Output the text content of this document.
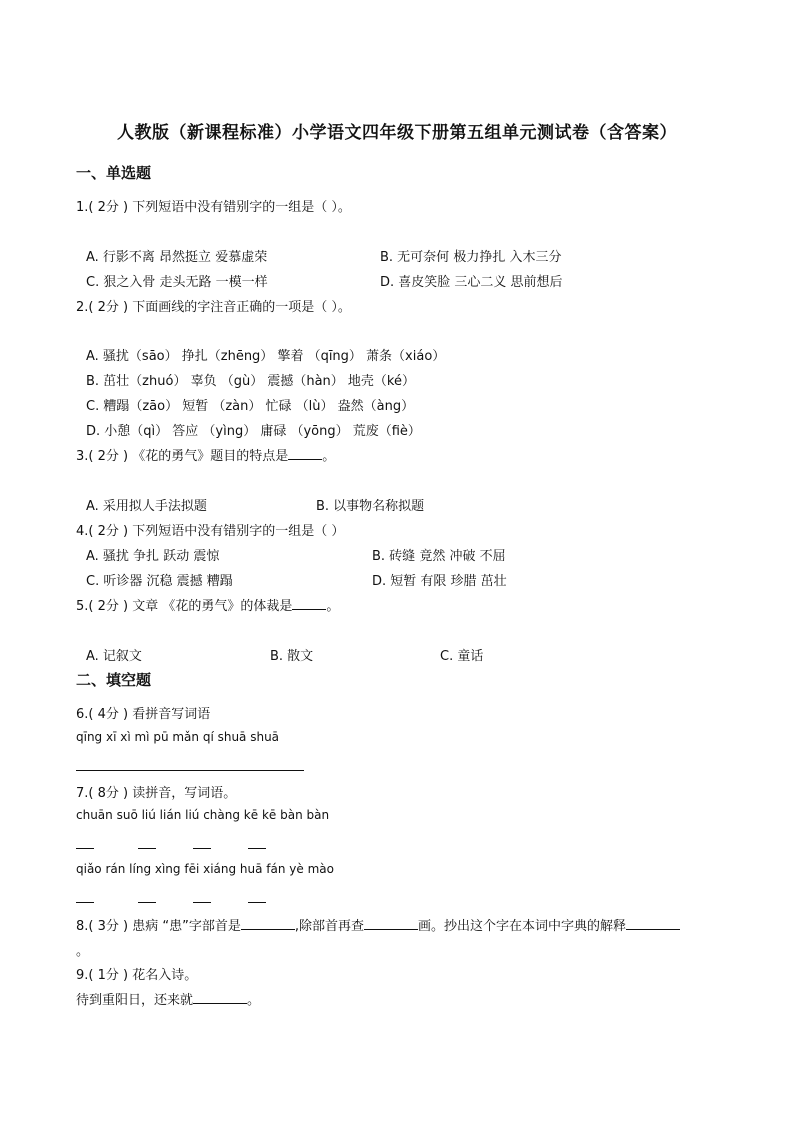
人教版（新课程标准）小学语文四年级下册第五组单元测试卷（含答案）
一、单选题
1.( 2分 ) 下列短语中没有错别字的一组是（ ）。
A. 行影不离 昂然挺立 爱慕虚荣	B. 无可奈何 极力挣扎 入木三分
C. 狠之入骨 走头无路 一模一样	D. 喜皮笑脸 三心二义 思前想后
2.( 2分 ) 下面画线的字注音正确的一项是（ ）。
A. 骚扰（sāo） 挣扎（zhēng） 擎着 （qīng） 萧条（xiáo）
B. 茁壮（zhuó） 辜负 （gù） 震撼（hàn） 地壳（ké）
C. 糟蹋（zāo） 短暂 （zàn） 忙碌 （lù） 盎然（àng）
D. 小憩（qì） 答应 （yìng） 庸碌 （yōng） 荒废（fiè）
3.( 2分 ) 《花的勇气》题目的特点是	。
A. 采用拟人手法拟题	B. 以事物名称拟题
4.( 2分 ) 下列短语中没有错别字的一组是（ ）
A. 骚扰 争扎 跃动 震惊	B. 砖缝 竟然 冲破 不屈
C. 听诊器 沉稳 震撼 糟蹋	D. 短暂 有限 珍腊 茁壮
5.( 2分 ) 文章 《花的勇气》的体裁是	。
A. 记叙文	B. 散文	C. 童话
二、填空题
6.( 4分 ) 看拼音写词语
qīng xī xì mì pū mǎn qí shuā shuā
7.( 8分 ) 读拼音，写词语。
chuān suō liú lián liú chàng kē kē bàn bàn
qiǎo rán líng xìng fēi xiáng huā fán yè mào
8.( 3分 ) 患病 “患”字部首是	,除部首再查	画。抄出这个字在本词中字典的解释
。
9.( 1分 ) 花名入诗。
待到重阳日，还来就	。
